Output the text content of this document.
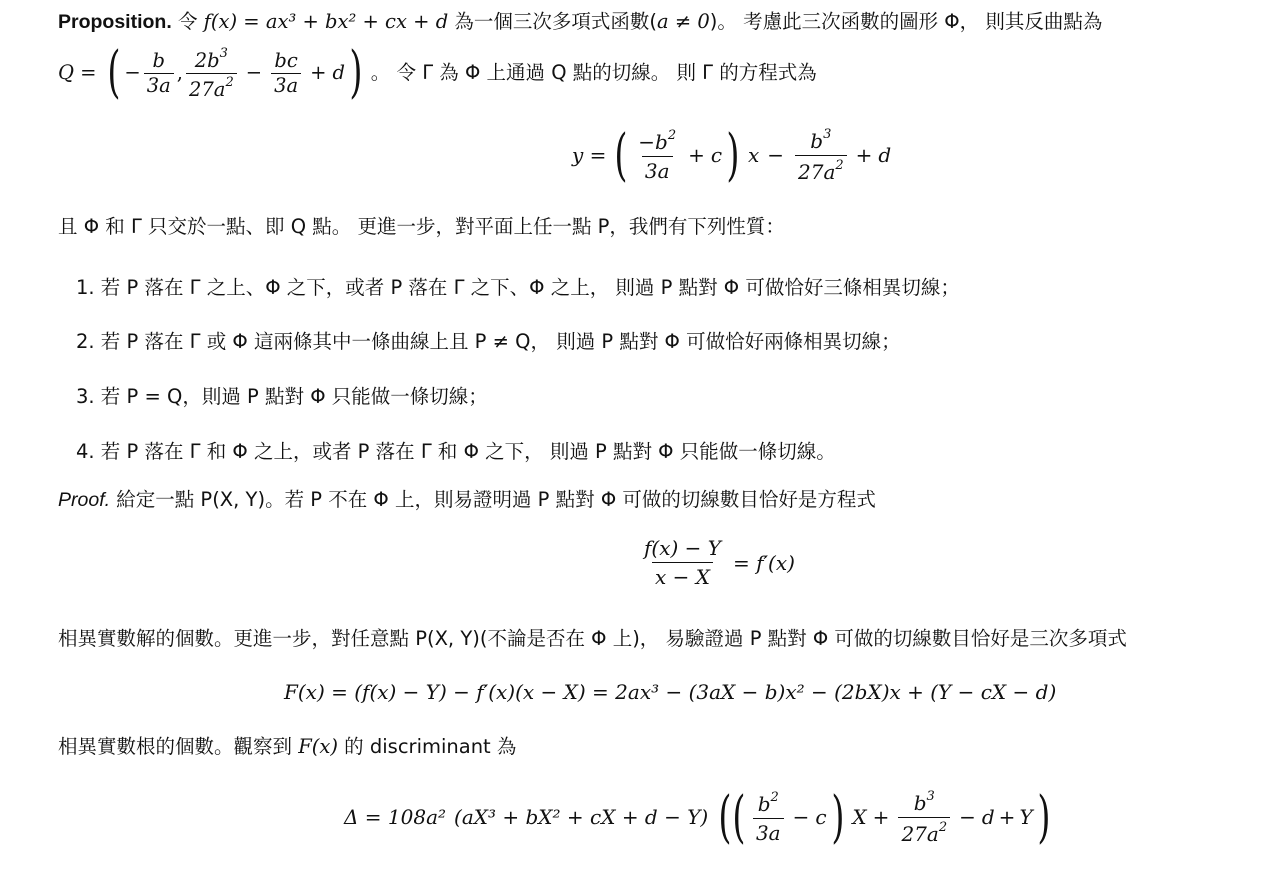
Proposition. 令 f(x) = ax³ + bx² + cx + d 為一個三次多項式函數(a ≠ 0)。 考慮此三次函數的圖形 Φ， 則其反曲點為
Q = ( − $\frac{b}{3a}$ , $\frac{2b^3}{27a^2} - \frac{bc}{3a} + d$ ) 。 令 Γ 為 Φ 上通過 Q 點的切線。 則 Γ 的方程式為
y = ( $\frac{-b^2}{3a} + c$ ) $x - \frac{b^3}{27a^2} + d$
且 Φ 和 Γ 只交於一點、即 Q 點。 更進一步，對平面上任一點 P，我們有下列性質：
1. 若 P 落在 Γ 之上、Φ 之下，或者 P 落在 Γ 之下、Φ 之上， 則過 P 點對 Φ 可做恰好三條相異切線；
2. 若 P 落在 Γ 或 Φ 這兩條其中一條曲線上且 P ≠ Q， 則過 P 點對 Φ 可做恰好兩條相異切線；
3. 若 P = Q，則過 P 點對 Φ 只能做一條切線；
4. 若 P 落在 Γ 和 Φ 之上，或者 P 落在 Γ 和 Φ 之下， 則過 P 點對 Φ 只能做一條切線。
Proof. 給定一點 P(X, Y)。若 P 不在 Φ 上，則易證明過 P 點對 Φ 可做的切線數目恰好是方程式
$\frac{f(x) - Y}{x - X} = f'(x)$
相異實數解的個數。更進一步，對任意點 P(X, Y)(不論是否在 Φ 上)， 易驗證過 P 點對 Φ 可做的切線數目恰好是三次多項式
F(x) = (f(x) − Y) − f′(x)(x − X) = 2ax³ − (3aX − b)x² − (2bX)x + (Y − cX − d)
相異實數根的個數。觀察到 F(x) 的 discriminant 為
Δ = 108a² (aX³ + bX² + cX + d − Y) ( ( $\frac{b^2}{3a} - c$ ) $X + \frac{b^3}{27a^2} - d + Y$ )
